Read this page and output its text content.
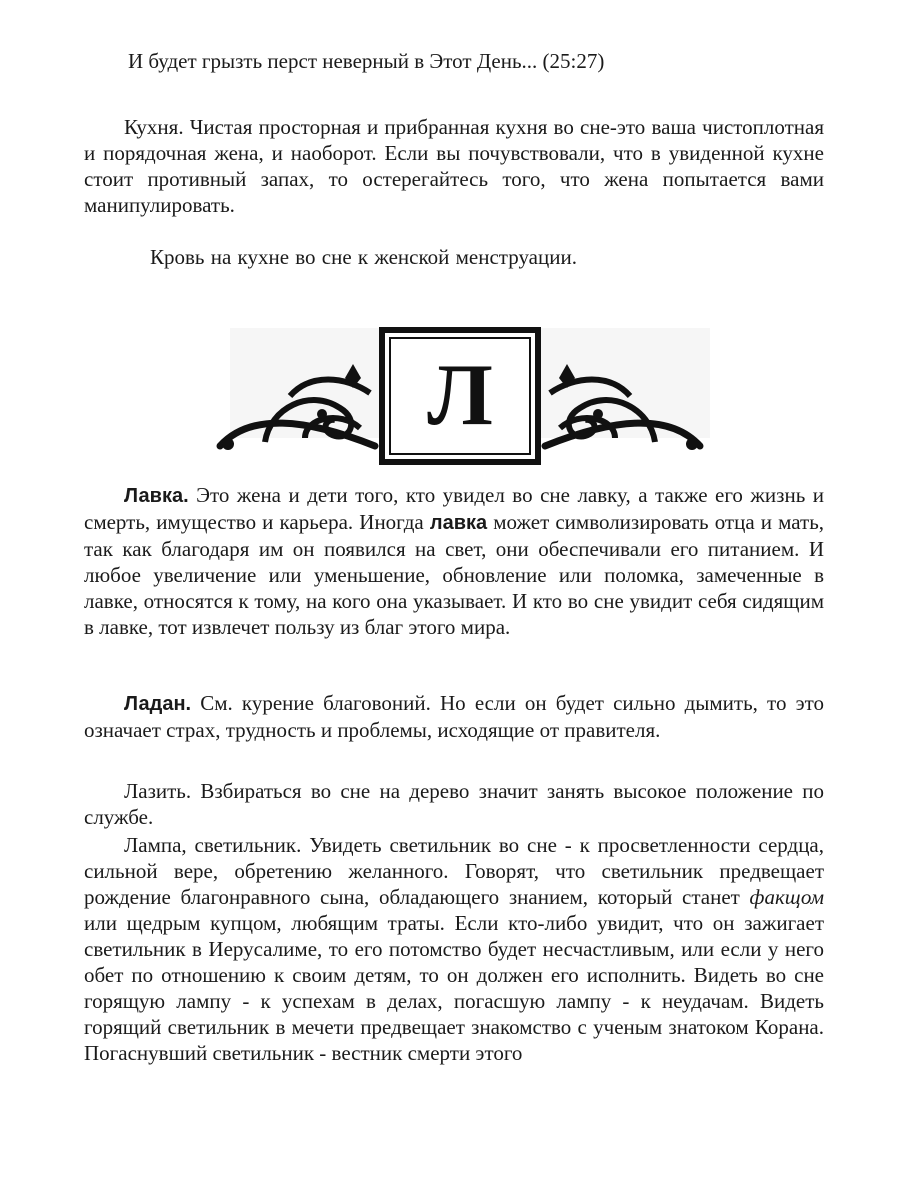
И будет грызть перст неверный в Этот День... (25:27)

Кухня. Чистая просторная и прибранная кухня во сне-это ваша чистоплотная и порядочная жена, и наоборот. Если вы почувствовали, что в увиденной кухне стоит противный запах, то остерегайтесь того, что жена попытается вами манипулировать.

Кровь на кухне во сне к женской менструации.

Л

Лавка. Это жена и дети того, кто увидел во сне лавку, а также его жизнь и смерть, имущество и карьера. Иногда лавка может символизировать отца и мать, так как благодаря им он появился на свет, они обеспечивали его питанием. И любое увеличение или уменьшение, обновление или поломка, замеченные в лавке, относятся к тому, на кого она указывает. И кто во сне увидит себя сидящим в лавке, тот извлечет пользу из благ этого мира.

Ладан. См. курение благовоний. Но если он будет сильно дымить, то это означает страх, трудность и проблемы, исходящие от правителя.

Лазить. Взбираться во сне на дерево значит занять высокое положение по службе.

Лампа, светильник. Увидеть светильник во сне - к просветленности сердца, сильной вере, обретению желанного. Говорят, что светильник предвещает рождение благонравного сына, обладающего знанием, который станет факщом или щедрым купцом, любящим траты. Если кто-либо увидит, что он зажигает светильник в Иерусалиме, то его потомство будет несчастливым, или если у него обет по отношению к своим детям, то он должен его исполнить. Видеть во сне горящую лампу - к успехам в делах, погасшую лампу - к неудачам. Видеть горящий светильник в мечети предвещает знакомство с ученым знатоком Корана. Погаснувший светильник - вестник смерти этого
